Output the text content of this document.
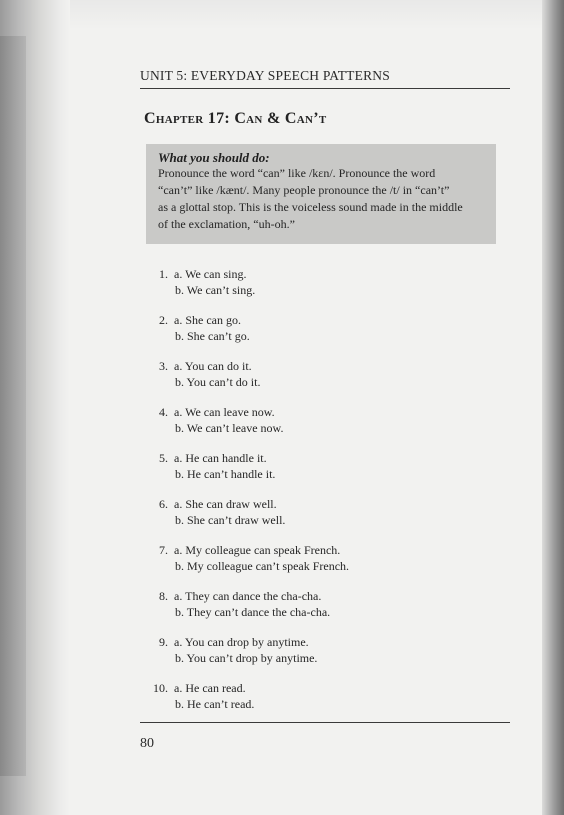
UNIT 5: EVERYDAY SPEECH PATTERNS
Chapter 17: Can & Can’t
What you should do:
Pronounce the word “can” like /kɛn/. Pronounce the word
“can’t” like /kænt/. Many people pronounce the /t/ in “can’t”
as a glottal stop. This is the voiceless sound made in the middle
of the exclamation, “uh-oh.”
1. a. We can sing.
b. We can’t sing.
2. a. She can go.
b. She can’t go.
3. a. You can do it.
b. You can’t do it.
4. a. We can leave now.
b. We can’t leave now.
5. a. He can handle it.
b. He can’t handle it.
6. a. She can draw well.
b. She can’t draw well.
7. a. My colleague can speak French.
b. My colleague can’t speak French.
8. a. They can dance the cha-cha.
b. They can’t dance the cha-cha.
9. a. You can drop by anytime.
b. You can’t drop by anytime.
10. a. He can read.
b. He can’t read.
80
